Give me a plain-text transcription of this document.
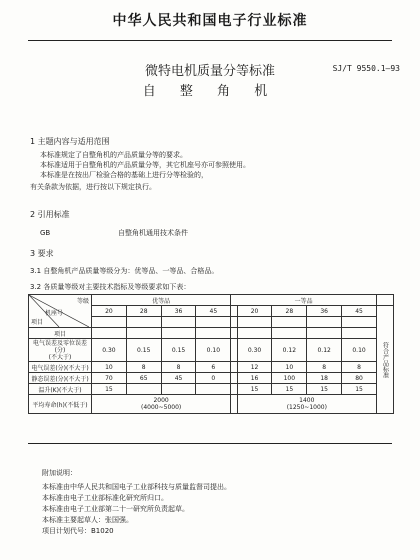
中华人民共和国电子行业标准
微特电机质量分等标准
自 整 角 机
SJ/T 9550.1—93
1 主题内容与适用范围
本标准规定了自整角机的产品质量分等的要求。
本标准适用于自整角机的产品质量分等，其它机座号亦可参照使用。
本标准是在按出厂检验合格的基础上进行分等检验的，
有关条款为依据，进行按以下规定执行。
2 引用标准
GB	自整角机通用技术条件
3 要求
3.1 自整角机产品质量等级分为：优等品、一等品、合格品。
3.2 各质量等级对主要技术指标及等级要求如下表：
等级
机座号
项目	优等品				一等品					
	20	28	36	45		20	28	36	45	符合产品标准

项目										
电气误差及零位误差(分)
(不大于)	0.30	0.15	0.15	0.10		0.30	0.12	0.12	0.10	
电气误差(分)(不大于)	10	8	8	6		12	10	8	8	
静态误差(分)(不大于)	70	65	45	0		16	100	18	80	
温升(K)(不大于)	15					15	15	15	15	
平均寿命(h)(不低于)	2000
(4000~5000)					1400
(1250~1000)				
附加说明：
本标准由中华人民共和国电子工业部科技与质量监督司提出。
本标准由电子工业部标准化研究所归口。
本标准由电子工业部第二十一研究所负责起草。
本标准主要起草人：张国强。
项目计划代号：B1020
